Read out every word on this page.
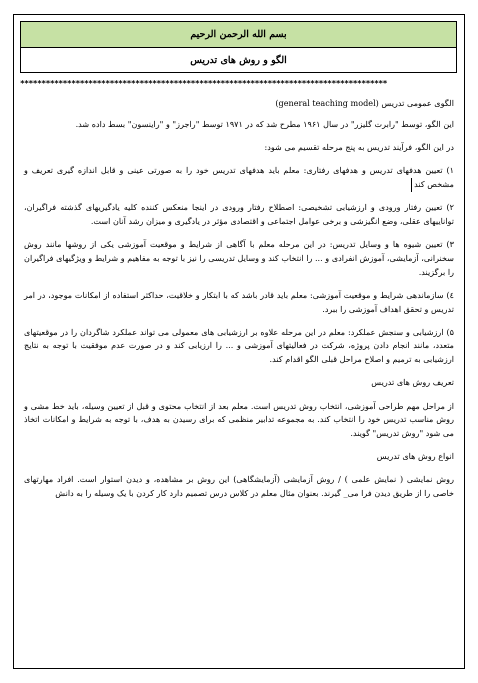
بسم الله الرحمن الرحیم
الگو و روش های تدریس
**************************************************************************************

الگوی عمومی تدریس (general teaching model)

این الگو، توسط "رابرت گلیزر" در سال ۱۹۶۱ مطرح شد که در ۱۹۷۱ توسط "راجرز" و "راینسون" بسط داده شد.

در این الگو، فرآیند تدریس به پنج مرحله تقسیم می شود:

۱) تعیین هدفهای تدریس و هدفهای رفتاری: معلم باید هدفهای تدریس خود را به صورتی عینی و قابل اندازه گیری تعریف و مشخص کند

۲) تعیین رفتار ورودی و ارزشیابی تشخیصی: اصطلاح رفتار ورودی در اینجا منعکس کننده کلیه یادگیریهای گذشته فراگیران، تواناییهای عقلی، وضع انگیزشی و برخی عوامل اجتماعی و اقتصادی مؤثر در یادگیری و میزان رشد آنان است.

۳) تعیین شیوه ها و وسایل تدریس: در این مرحله معلم با آگاهی از شرایط و موقعیت آموزشی یکی از روشها مانند روش سخنرانی، آزمایشی، آموزش انفرادی و ... را انتخاب کند و وسایل تدریسی را نیز با توجه به مفاهیم و شرایط و ویژگیهای فراگیران را برگزیند.

٤) سازماندهی شرایط و موقعیت آموزشی: معلم باید قادر باشد که با ابتکار و خلاقیت، حداکثر استفاده از امکانات موجود، در امر تدریس و تحقق اهداف آموزشی را ببرد.

۵) ارزشیابی و سنجش عملکرد: معلم در این مرحله علاوه بر ارزشیابی های معمولی می تواند عملکرد شاگردان را در موقعیتهای متعدد، مانند انجام دادن پروژه، شرکت در فعالیتهای آموزشی و ... را ارزیابی کند و در صورت عدم موفقیت با توجه به نتایج ارزشیابی به ترمیم و اصلاح مراحل قبلی الگو اقدام کند.

تعریف روش های تدریس

از مراحل مهم طراحی آموزشی، انتخاب روش تدریس است. معلم بعد از انتخاب محتوی و قبل از تعیین وسیله، باید خط مشی و روش مناسب تدریس خود را انتخاب کند. به مجموعه تدابیر منظمی که برای رسیدن به هدف، با توجه به شرایط و امکانات اتخاذ می شود "روش تدریس" گویند.

انواع روش های تدریس

روش نمایشی ( نمایش علمی ) / روش آزمایشی (آزمایشگاهی) این روش بر مشاهده، و دیدن استوار است. افراد مهارتهای خاصی را از طریق دیدن فرا می_ گیرند. بعنوان مثال معلم در کلاس درس تصمیم دارد کار کردن با یک وسیله را به دانش
